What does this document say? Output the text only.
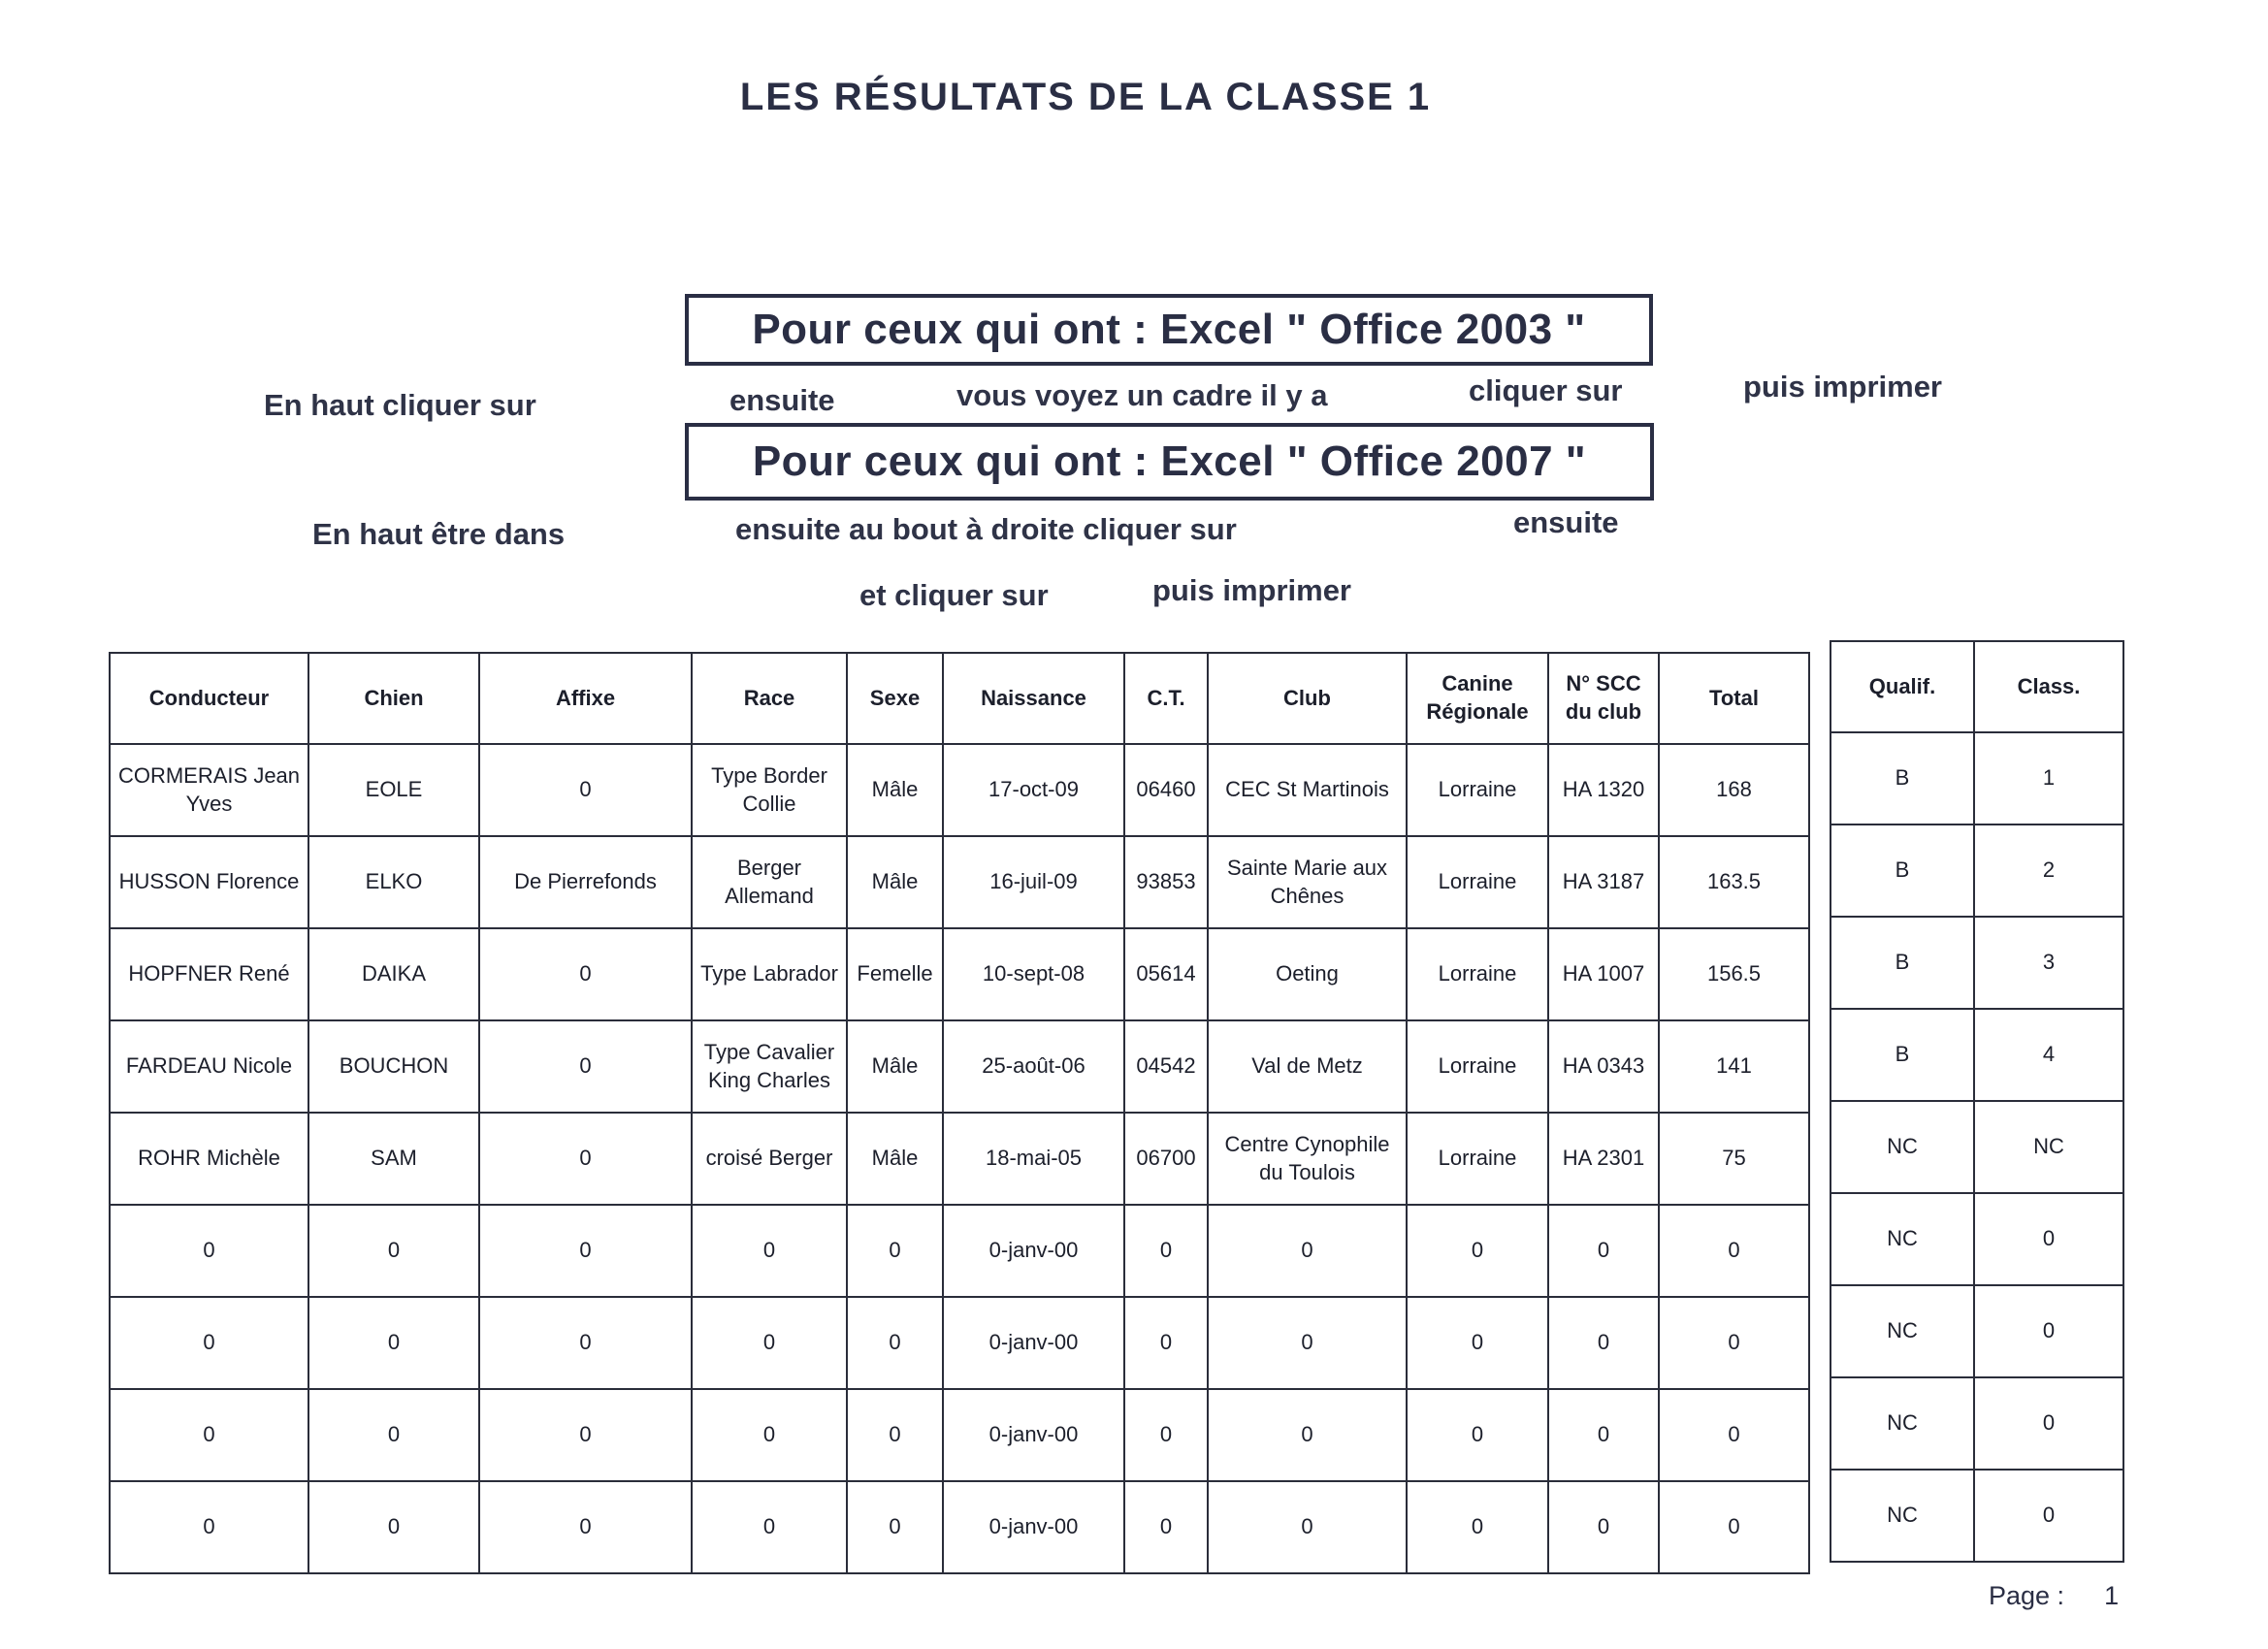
LES RÉSULTATS DE LA CLASSE 1
Pour ceux qui ont : Excel " Office 2003 "
En haut cliquer sur	ensuite	vous voyez un cadre il y a	cliquer sur	puis imprimer
Pour ceux qui ont : Excel " Office 2007 "
En haut être dans	ensuite au bout à droite cliquer sur	ensuite
et cliquer sur	puis imprimer
Conducteur	Chien	Affixe	Race	Sexe	Naissance	C.T.	Club	Canine Régionale	N° SCC du club	Total
CORMERAIS Jean Yves	EOLE	0	Type Border Collie	Mâle	17-oct-09	06460	CEC St Martinois	Lorraine	HA 1320	168
HUSSON Florence	ELKO	De Pierrefonds	Berger Allemand	Mâle	16-juil-09	93853	Sainte Marie aux Chênes	Lorraine	HA 3187	163.5
HOPFNER René	DAIKA	0	Type Labrador	Femelle	10-sept-08	05614	Oeting	Lorraine	HA 1007	156.5
FARDEAU Nicole	BOUCHON	0	Type Cavalier King Charles	Mâle	25-août-06	04542	Val de Metz	Lorraine	HA 0343	141
ROHR Michèle	SAM	0	croisé Berger	Mâle	18-mai-05	06700	Centre Cynophile du Toulois	Lorraine	HA 2301	75
0	0	0	0	0	0-janv-00	0	0	0	0	0
0	0	0	0	0	0-janv-00	0	0	0	0	0
0	0	0	0	0	0-janv-00	0	0	0	0	0
0	0	0	0	0	0-janv-00	0	0	0	0	0
Qualif.	Class.
B	1
B	2
B	3
B	4
NC	NC
NC	0
NC	0
NC	0
NC	0
Page : 1
